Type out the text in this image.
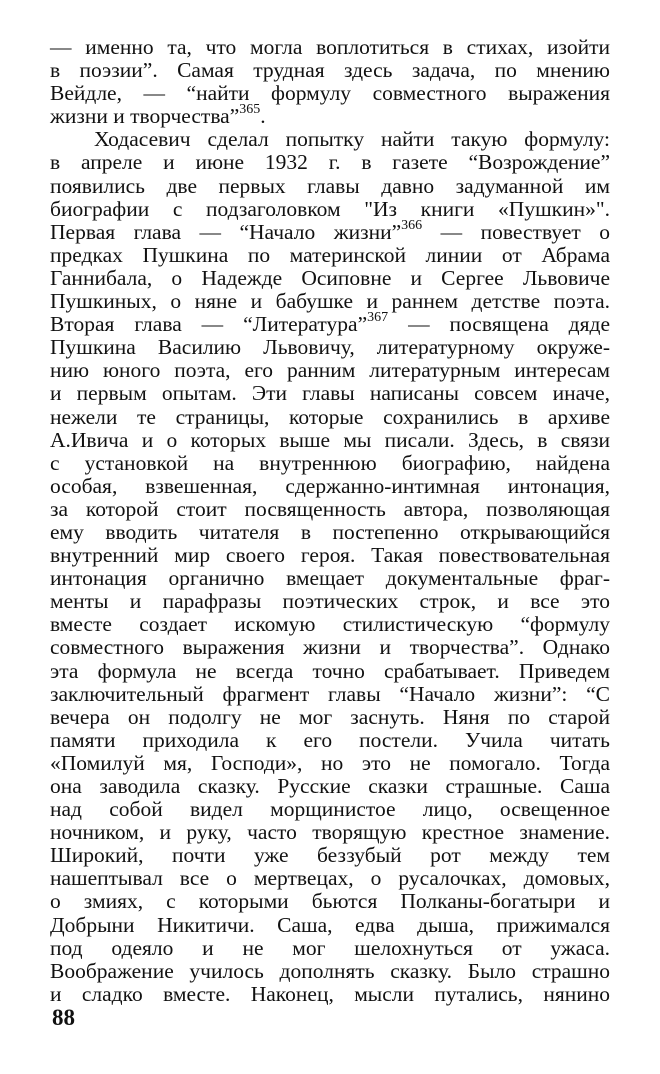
— именно та, что могла воплотиться в стихах, изойти
в поэзии”. Самая трудная здесь задача, по мнению
Вейдле, — “найти формулу совместного выражения
жизни и творчества”$^{365}$.
Ходасевич сделал попытку найти такую формулу:
в апреле и июне 1932 г. в газете “Возрождение”
появились две первых главы давно задуманной им
биографии с подзаголовком "Из книги «Пушкин»".
Первая глава — “Начало жизни”$^{366}$ — повествует о
предках Пушкина по материнской линии от Абрама
Ганнибала, о Надежде Осиповне и Сергее Львовиче
Пушкиных, о няне и бабушке и раннем детстве поэта.
Вторая глава — “Литература”$^{367}$ — посвящена дяде
Пушкина Василию Львовичу, литературному окруже-
нию юного поэта, его ранним литературным интересам
и первым опытам. Эти главы написаны совсем иначе,
нежели те страницы, которые сохранились в архиве
А.Ивича и о которых выше мы писали. Здесь, в связи
с установкой на внутреннюю биографию, найдена
особая, взвешенная, сдержанно-интимная интонация,
за которой стоит посвященность автора, позволяющая
ему вводить читателя в постепенно открывающийся
внутренний мир своего героя. Такая повествовательная
интонация органично вмещает документальные фраг-
менты и парафразы поэтических строк, и все это
вместе создает искомую стилистическую “формулу
совместного выражения жизни и творчества”. Однако
эта формула не всегда точно срабатывает. Приведем
заключительный фрагмент главы “Начало жизни”: “С
вечера он подолгу не мог заснуть. Няня по старой
памяти приходила к его постели. Учила читать
«Помилуй мя, Господи», но это не помогало. Тогда
она заводила сказку. Русские сказки страшные. Саша
над собой видел морщинистое лицо, освещенное
ночником, и руку, часто творящую крестное знамение.
Широкий, почти уже беззубый рот между тем
нашептывал все о мертвецах, о русалочках, домовых,
о змиях, с которыми бьются Полканы-богатыри и
Добрыни Никитичи. Саша, едва дыша, прижимался
под одеяло и не мог шелохнуться от ужаса.
Воображение училось дополнять сказку. Было страшно
и сладко вместе. Наконец, мысли путались, нянино
88
